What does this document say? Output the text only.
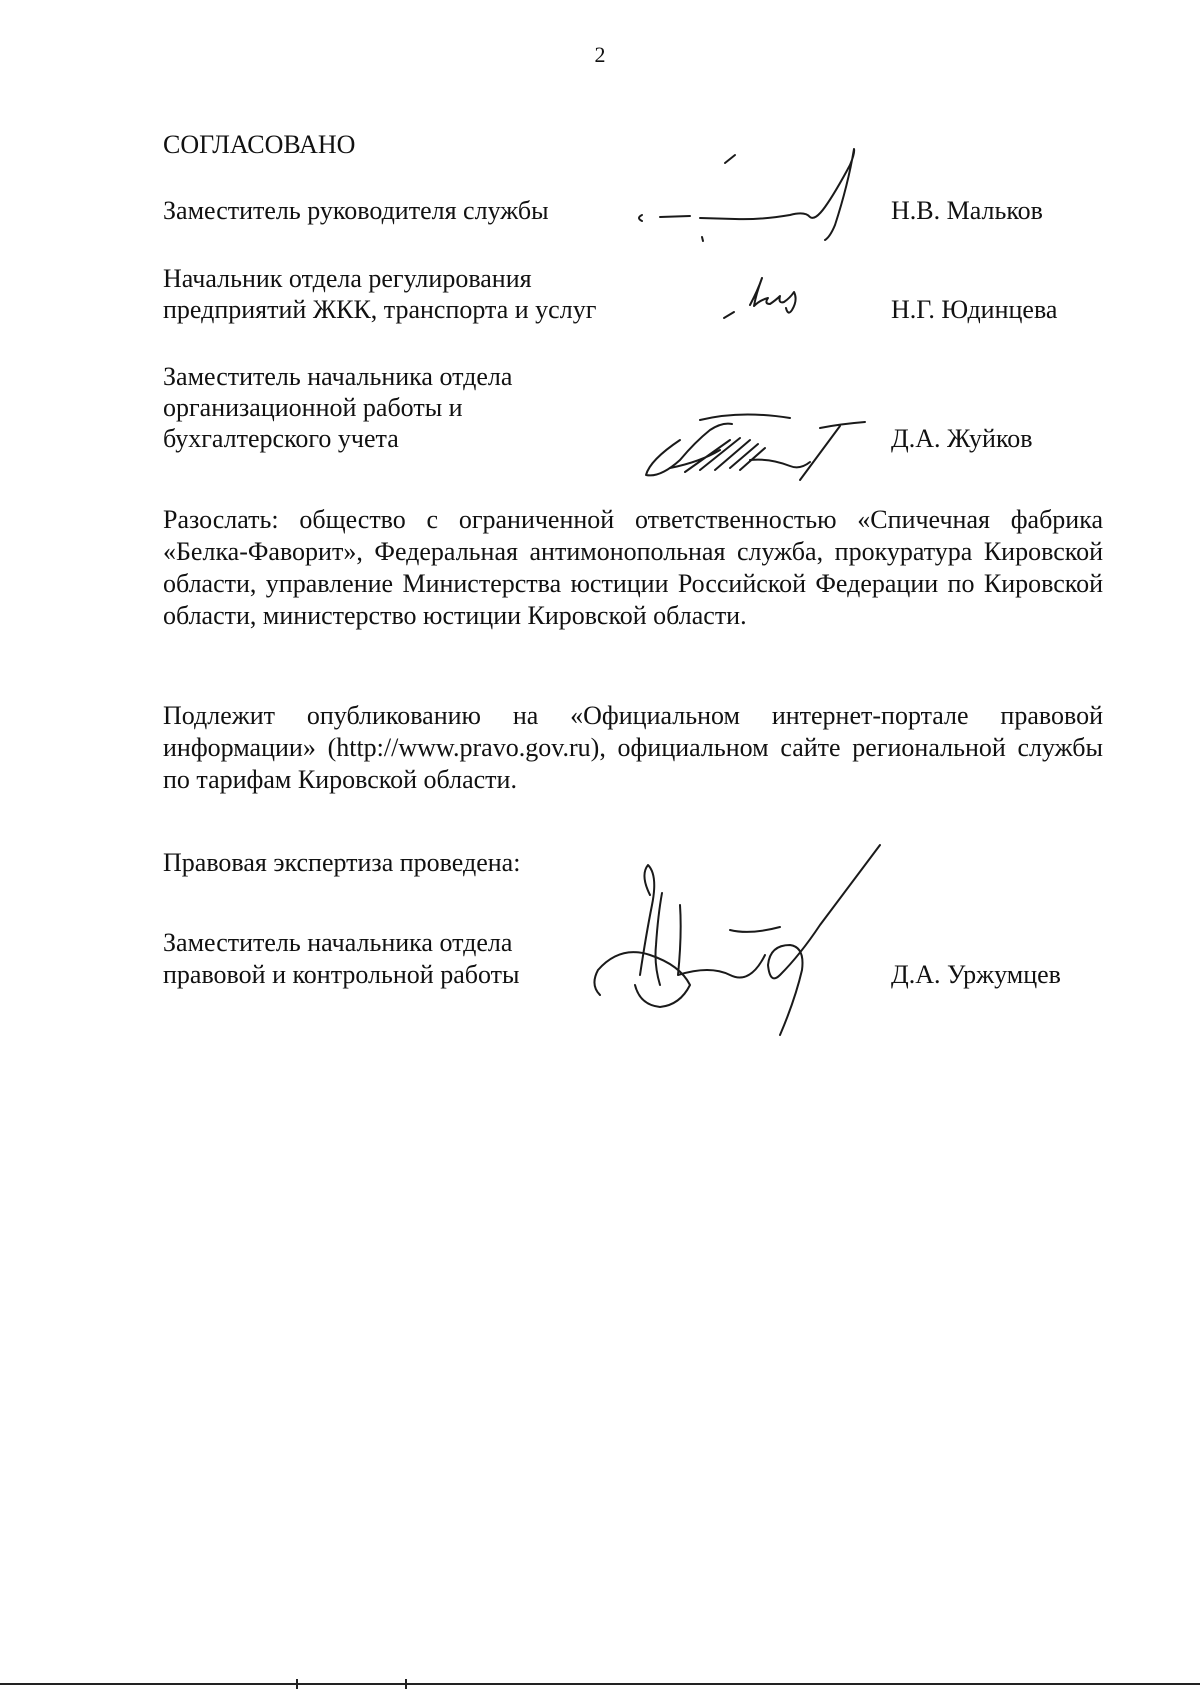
2
СОГЛАСОВАНО
Заместитель руководителя службы	Н.В. Мальков
Начальник отдела регулирования
предприятий ЖКК, транспорта и услуг	Н.Г. Юдинцева
Заместитель начальника отдела
организационной работы и
бухгалтерского учета	Д.А. Жуйков
Разослать: общество с ограниченной ответственностью «Спичечная фабрика «Белка-Фаворит», Федеральная антимонопольная служба, прокуратура Кировской области, управление Министерства юстиции Российской Федерации по Кировской области, министерство юстиции Кировской области.
Подлежит опубликованию на «Официальном интернет-портале правовой информации» (http://www.pravo.gov.ru), официальном сайте региональной службы по тарифам Кировской области.
Правовая экспертиза проведена:
Заместитель начальника отдела
правовой и контрольной работы	Д.А. Уржумцев
